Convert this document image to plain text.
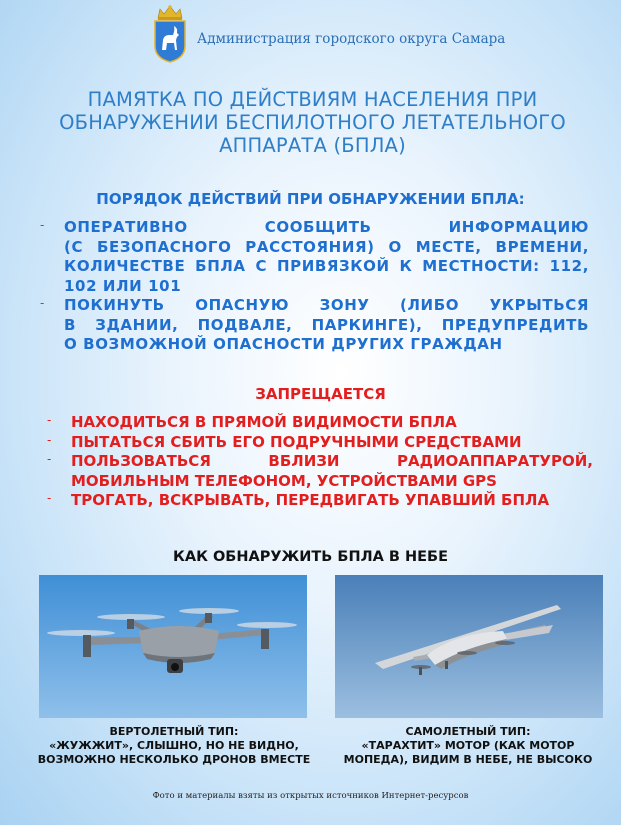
Администрация городского округа Самара
ПАМЯТКА ПО ДЕЙСТВИЯМ НАСЕЛЕНИЯ ПРИ
ОБНАРУЖЕНИИ БЕСПИЛОТНОГО ЛЕТАТЕЛЬНОГО
АППАРАТА (БПЛА)
ПОРЯДОК ДЕЙСТВИЙ ПРИ ОБНАРУЖЕНИИ БПЛА:
- ОПЕРАТИВНО СООБЩИТЬ ИНФОРМАЦИЮ
(С БЕЗОПАСНОГО РАССТОЯНИЯ) О МЕСТЕ, ВРЕМЕНИ,
КОЛИЧЕСТВЕ БПЛА С ПРИВЯЗКОЙ К МЕСТНОСТИ: 112,
102 ИЛИ 101
- ПОКИНУТЬ ОПАСНУЮ ЗОНУ (ЛИБО УКРЫТЬСЯ
В ЗДАНИИ, ПОДВАЛЕ, ПАРКИНГЕ), ПРЕДУПРЕДИТЬ
О ВОЗМОЖНОЙ ОПАСНОСТИ ДРУГИХ ГРАЖДАН
ЗАПРЕЩАЕТСЯ
- НАХОДИТЬСЯ В ПРЯМОЙ ВИДИМОСТИ БПЛА
- ПЫТАТЬСЯ СБИТЬ ЕГО ПОДРУЧНЫМИ СРЕДСТВАМИ
- ПОЛЬЗОВАТЬСЯ ВБЛИЗИ РАДИОАППАРАТУРОЙ,
МОБИЛЬНЫМ ТЕЛЕФОНОМ, УСТРОЙСТВАМИ GPS
- ТРОГАТЬ, ВСКРЫВАТЬ, ПЕРЕДВИГАТЬ УПАВШИЙ БПЛА
КАК ОБНАРУЖИТЬ БПЛА В НЕБЕ
ВЕРТОЛЕТНЫЙ ТИП:
«ЖУЖЖИТ», СЛЫШНО, НО НЕ ВИДНО,
ВОЗМОЖНО НЕСКОЛЬКО ДРОНОВ ВМЕСТЕ
САМОЛЕТНЫЙ ТИП:
«ТАРАХТИТ» МОТОР (КАК МОТОР
МОПЕДА), ВИДИМ В НЕБЕ, НЕ ВЫСОКО
Фото и материалы взяты из открытых источников Интернет-ресурсов
